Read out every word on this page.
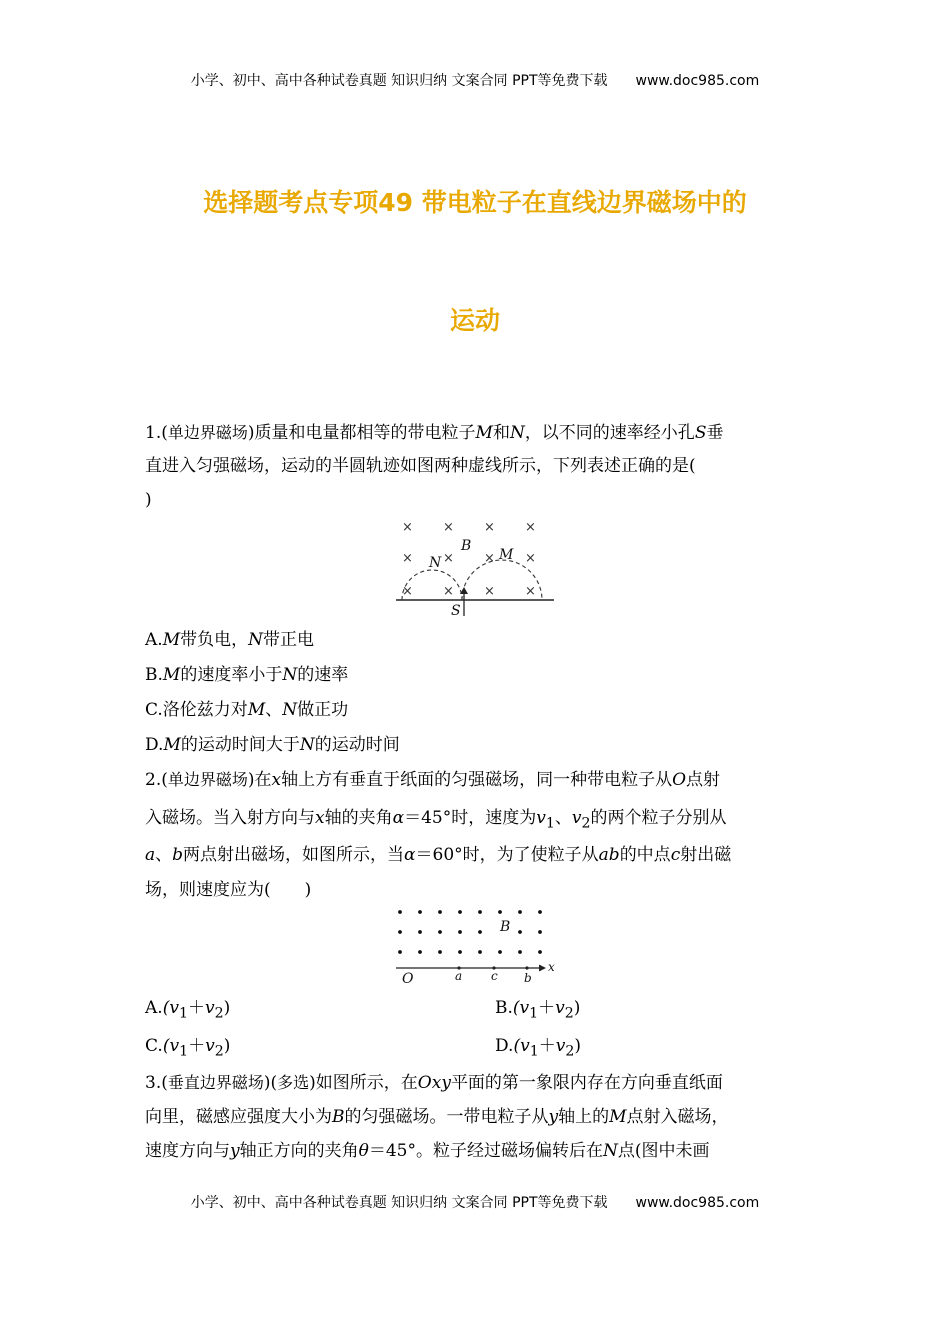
小学、初中、高中各种试卷真题 知识归纳 文案合同 PPT等免费下载 www.doc985.com
选择题考点专项49 带电粒子在直线边界磁场中的
运动
1.(单边界磁场)质量和电量都相等的带电粒子M和N，以不同的速率经小孔S垂
直进入匀强磁场，运动的半圆轨迹如图两种虚线所示，下列表述正确的是(
)
× × × ×
× × × ×
× × × ×
B
N	M
S
A.M带负电，N带正电
B.M的速度率小于N的速率
C.洛伦兹力对M、N做正功
D.M的运动时间大于N的运动时间
2.(单边界磁场)在x轴上方有垂直于纸面的匀强磁场，同一种带电粒子从O点射
入磁场。当入射方向与x轴的夹角α＝45°时，速度为$v_1$、$v_2$的两个粒子分别从
a、b两点射出磁场，如图所示，当α＝60°时，为了使粒子从ab的中点c射出磁
场，则速度应为(　　)
B
x
O	a c b
$A.(v_1+v_2)$	$B.(v_1+v_2)$
$C.(v_1+v_2)$	$D.(v_1+v_2)$
3.(垂直边界磁场)(多选)如图所示，在Oxy平面的第一象限内存在方向垂直纸面
向里，磁感应强度大小为B的匀强磁场。一带电粒子从y轴上的M点射入磁场，
速度方向与y轴正方向的夹角θ＝45°。粒子经过磁场偏转后在N点(图中未画
小学、初中、高中各种试卷真题 知识归纳 文案合同 PPT等免费下载 www.doc985.com
